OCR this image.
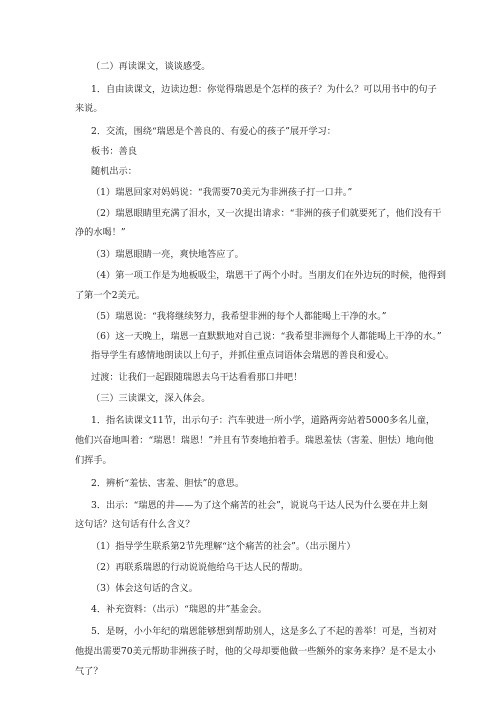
（二）再读课文，谈谈感受。
1．自由读课文，边读边想：你觉得瑞恩是个怎样的孩子？为什么？可以用书中的句子
来说。
2．交流，围绕“瑞恩是个善良的、有爱心的孩子”展开学习：
板书：善良
随机出示：
（1）瑞恩回家对妈妈说：“我需要70美元为非洲孩子打一口井。”
（2）瑞恩眼睛里充满了泪水，又一次提出请求：“非洲的孩子们就要死了，他们没有干
净的水喝！”
（3）瑞恩眼睛一亮，爽快地答应了。
（4）第一项工作是为地板吸尘，瑞恩干了两个小时。当朋友们在外边玩的时候，他得到
了第一个2美元。
（5）瑞恩说：“我将继续努力，我希望非洲的每个人都能喝上干净的水。”
（6）这一天晚上，瑞恩一直默默地对自己说：“我希望非洲每个人都能喝上干净的水。”
指导学生有感情地朗读以上句子，并抓住重点词语体会瑞恩的善良和爱心。
过渡：让我们一起跟随瑞恩去乌干达看看那口井吧！
（三）三读课文，深入体会。
1．指名读课文11节，出示句子：汽车驶进一所小学，道路两旁站着5000多名儿童，
他们兴奋地叫着：“瑞恩！瑞恩！”并且有节奏地拍着手。瑞恩羞怯（害羞、胆怯）地向他
们挥手。
2．辨析“羞怯、害羞、胆怯”的意思。
3．出示：“瑞恩的井——为了这个痛苦的社会”，说说乌干达人民为什么要在井上刻
这句话？这句话有什么含义？
（1）指导学生联系第2节先理解“这个痛苦的社会”。（出示图片）
（2）再联系瑞恩的行动说说他给乌干达人民的帮助。
（3）体会这句话的含义。
4．补充资料：（出示）“瑞恩的井”基金会。
5．是呀，小小年纪的瑞恩能够想到帮助别人，这是多么了不起的善举！可是，当初对
他提出需要70美元帮助非洲孩子时，他的父母却要他做一些额外的家务来挣？是不是太小
气了？
